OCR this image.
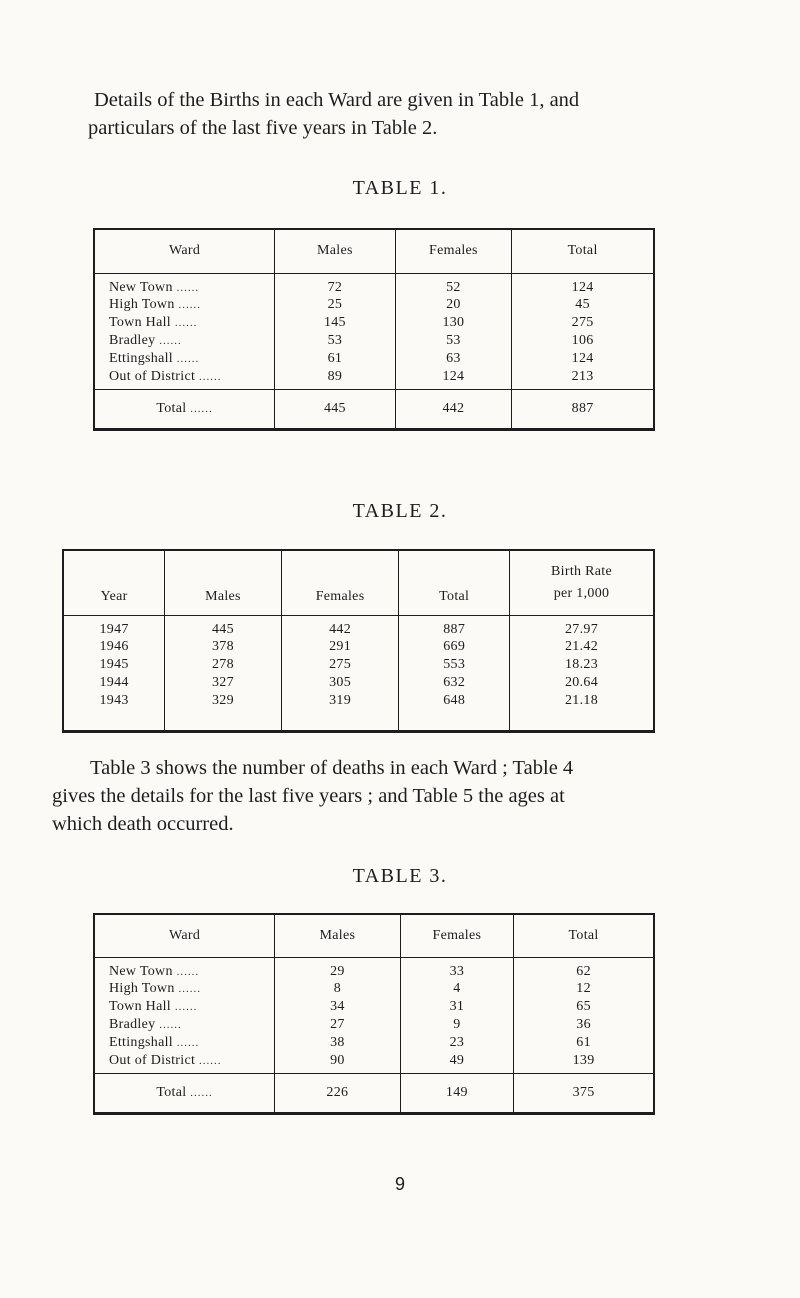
Details of the Births in each Ward are given in Table 1, and
particulars of the last five years in Table 2.
TABLE 1.
Ward	Males	Females	Total
New Town ......	72	52	124
High Town ......	25	20	45
Town Hall ......	145	130	275
Bradley ......	53	53	106
Ettingshall ......	61	63	124
Out of District ......	89	124	213

Total ......	445	442	887
TABLE 2.
Year	Males	Females	Total	Birth Rate
per 1,000

1947	445	442	887	27.97
1946	378	291	669	21.42
1945	278	275	553	18.23
1944	327	305	632	20.64
1943	329	319	648	21.18

Table 3 shows the number of deaths in each Ward ; Table 4
gives the details for the last five years ; and Table 5 the ages at
which death occurred.
TABLE 3.
Ward	Males	Females	Total
New Town ......	29	33	62
High Town ......	8	4	12
Town Hall ......	34	31	65
Bradley ......	27	9	36
Ettingshall ......	38	23	61
Out of District ......	90	49	139

Total ......	226	149	375
9
